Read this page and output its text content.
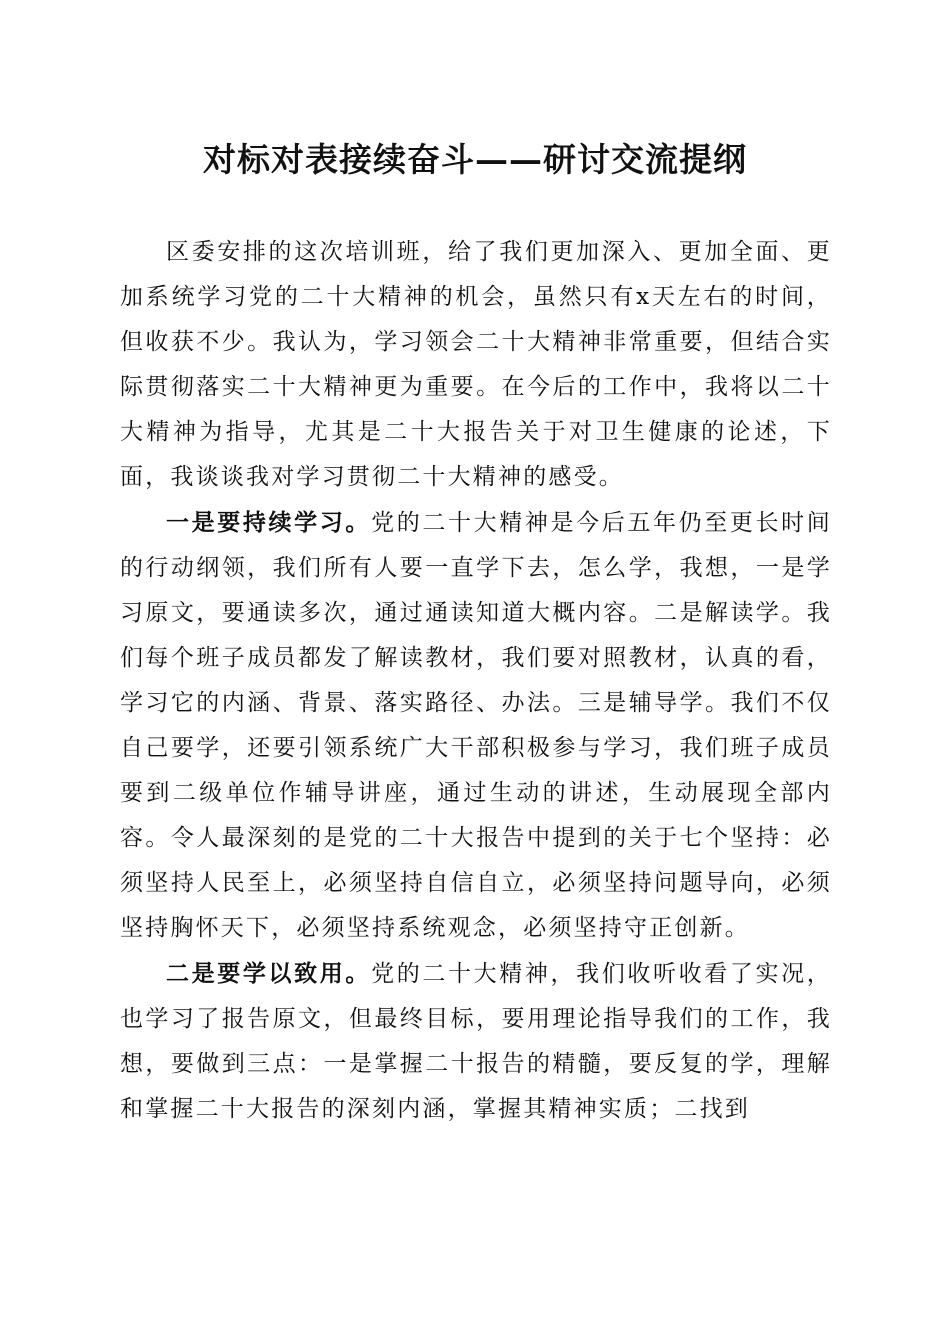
对标对表接续奋斗——研讨交流提纲

区委安排的这次培训班，给了我们更加深入、更加全面、更加系统学习党的二十大精神的机会，虽然只有x天左右的时间，但收获不少。我认为，学习领会二十大精神非常重要，但结合实际贯彻落实二十大精神更为重要。在今后的工作中，我将以二十大精神为指导，尤其是二十大报告关于对卫生健康的论述，下面，我谈谈我对学习贯彻二十大精神的感受。

一是要持续学习。党的二十大精神是今后五年仍至更长时间的行动纲领，我们所有人要一直学下去，怎么学，我想，一是学习原文，要通读多次，通过通读知道大概内容。二是解读学。我们每个班子成员都发了解读教材，我们要对照教材，认真的看，学习它的内涵、背景、落实路径、办法。三是辅导学。我们不仅自己要学，还要引领系统广大干部积极参与学习，我们班子成员要到二级单位作辅导讲座，通过生动的讲述，生动展现全部内容。令人最深刻的是党的二十大报告中提到的关于七个坚持：必须坚持人民至上，必须坚持自信自立，必须坚持问题导向，必须坚持胸怀天下，必须坚持系统观念，必须坚持守正创新。

二是要学以致用。党的二十大精神，我们收听收看了实况，也学习了报告原文，但最终目标，要用理论指导我们的工作，我想，要做到三点：一是掌握二十报告的精髓，要反复的学，理解和掌握二十大报告的深刻内涵，掌握其精神实质；二找到
